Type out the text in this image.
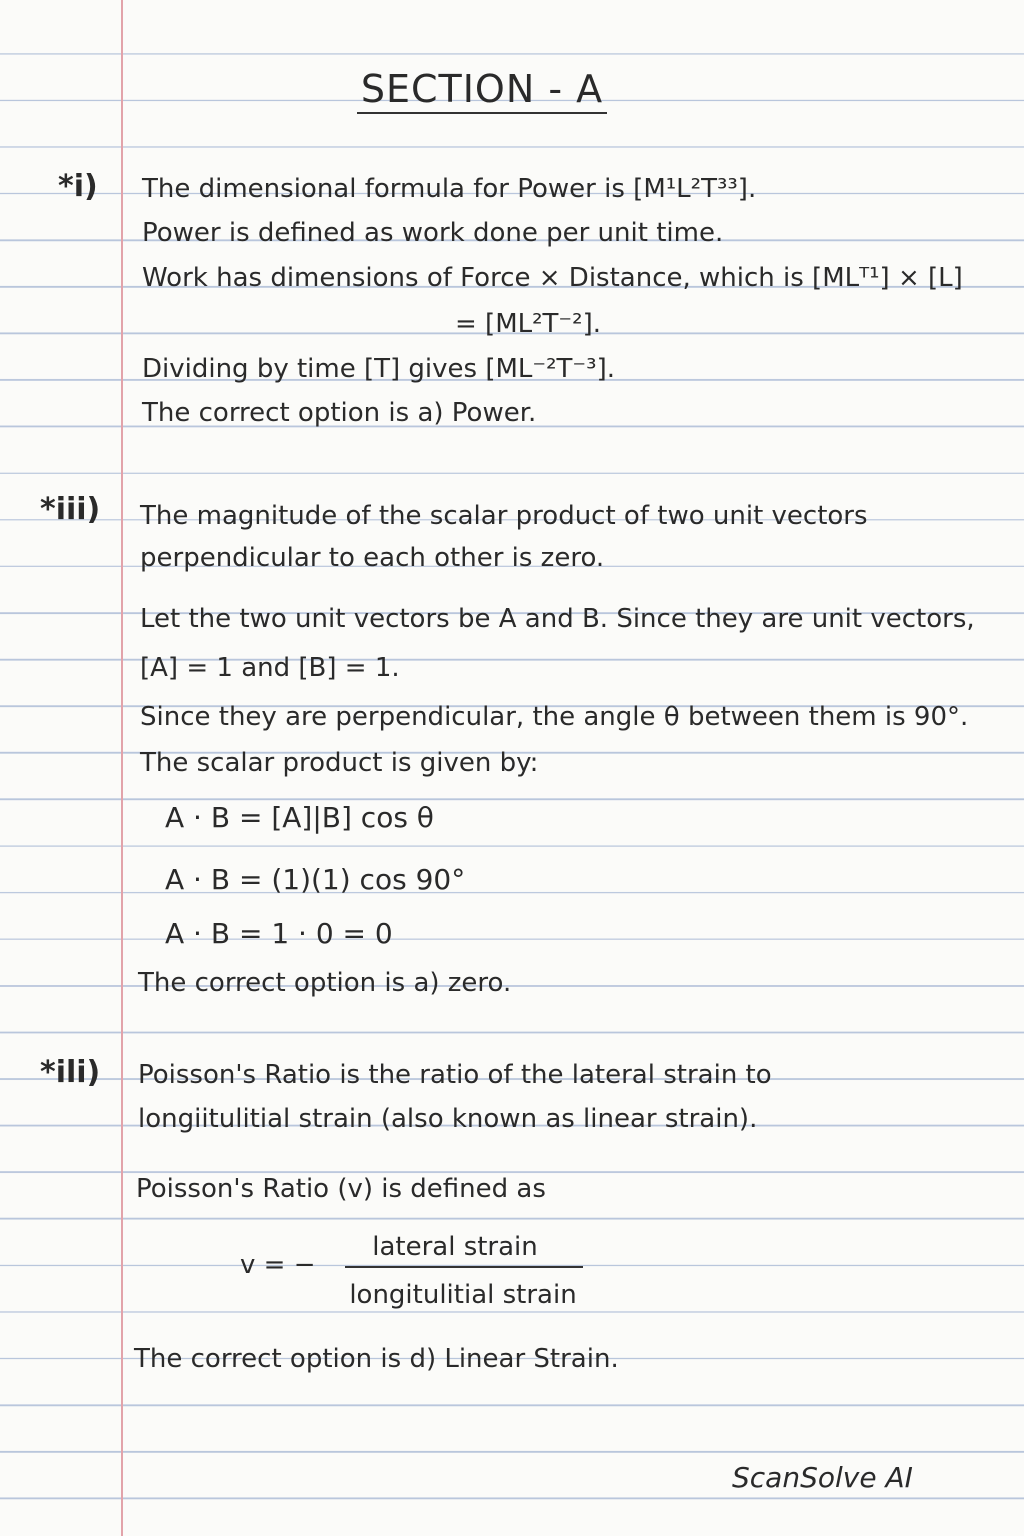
SECTION - A
*i) The dimensional formula for Power is [M¹L²T³³].
Power is defined as work done per unit time.
Work has dimensions of Force × Distance, which is [MLᵀ¹] × [L]
= [ML²T⁻²].
Dividing by time [T] gives [ML⁻²T⁻³].
The correct option is a) Power.
*iii) The magnitude of the scalar product of two unit vectors
perpendicular to each other is zero.
Let the two unit vectors be A and B. Since they are unit vectors,
[A] = 1 and [B] = 1.
Since they are perpendicular, the angle θ between them is 90°.
The scalar product is given by:
A · B = [A]|B] cos θ
A · B = (1)(1) cos 90°
A · B = 1 · 0 = 0
The correct option is a) zero.
*ili) Poisson's Ratio is the ratio of the lateral strain to
longiitulitial strain (also known as linear strain).
Poisson's Ratio (v) is defined as
v = −
lateral strain
longitulitial strain
The correct option is d) Linear Strain.
ScanSolve AI
